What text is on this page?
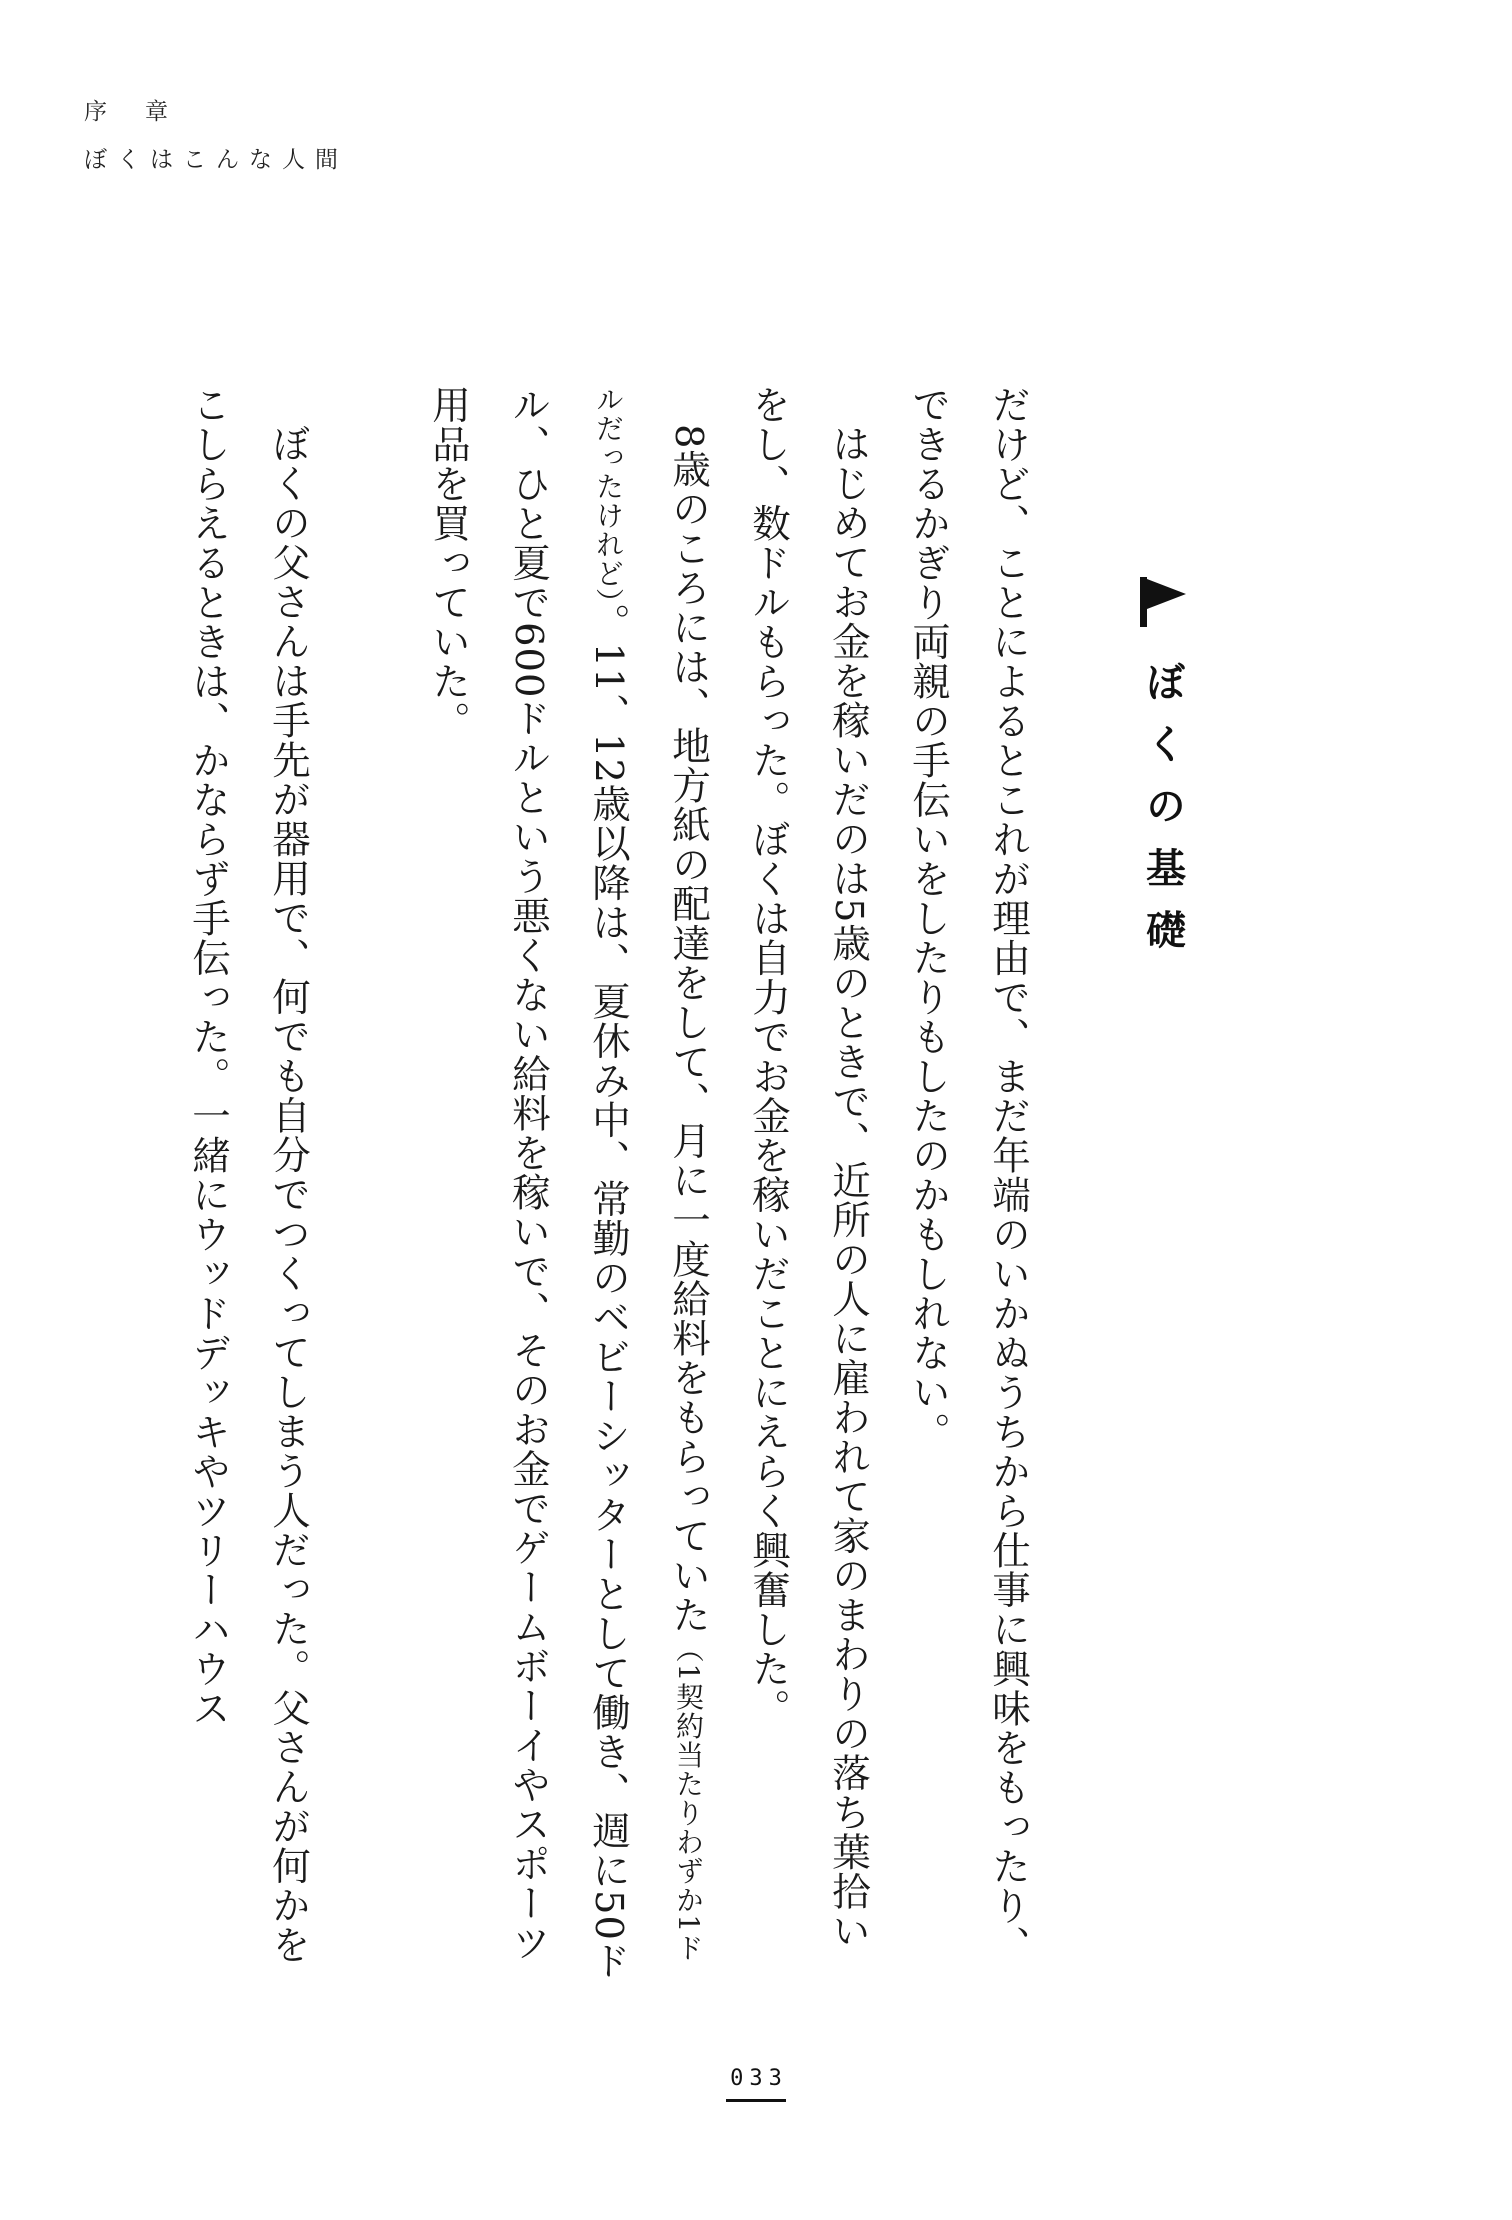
序章
ぼくはこんな人間
ぼくの基礎

だけど、ことによるとこれが理由で、まだ年端のいかぬうちから仕事に興味をもったり、できるかぎり両親の手伝いをしたりもしたのかもしれない。

はじめてお金を稼いだのは5歳のときで、近所の人に雇われて家のまわりの落ち葉拾いをし、数ドルもらった。ぼくは自力でお金を稼いだことにえらく興奮した。

8歳のころには、地方紙の配達をして、月に一度給料をもらっていた（1契約当たりわずか1ドルだったけれど）。11、12歳以降は、夏休み中、常勤のベビーシッターとして働き、週に50ドル、ひと夏で600ドルという悪くない給料を稼いで、そのお金でゲームボーイやスポーツ用品を買っていた。

ぼくの父さんは手先が器用で、何でも自分でつくってしまう人だった。父さんが何かをこしらえるときは、かならず手伝った。一緒にウッドデッキやツリーハウス

033
